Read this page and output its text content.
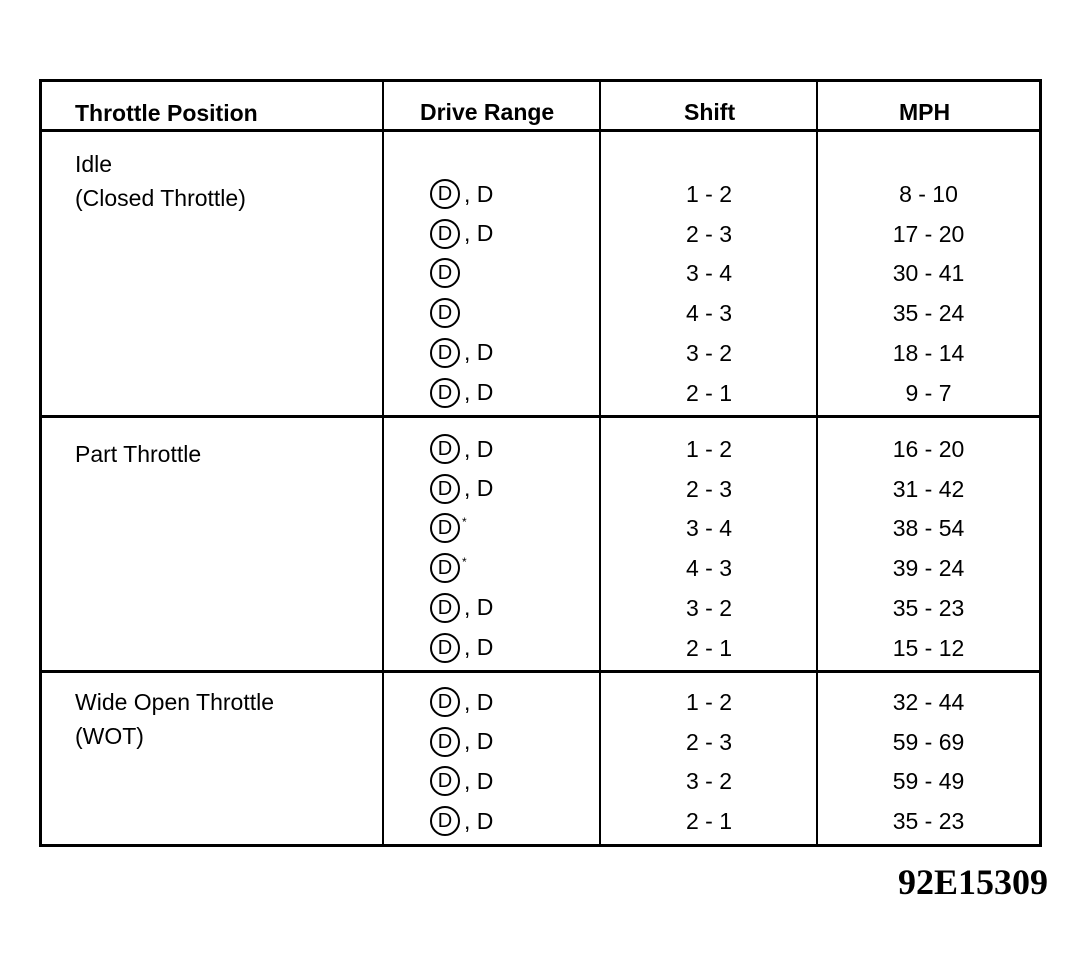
Throttle Position	Drive Range	Shift	MPH
Idle
(Closed Throttle)	D , D	1 - 2	8 - 10
D , D	2 - 3	17 - 20
D	3 - 4	30 - 41
D	4 - 3	35 - 24
D , D	3 - 2	18 - 14
D , D	2 - 1	9 - 7
Part Throttle	D , D	1 - 2	16 - 20
D , D	2 - 3	31 - 42
D *	3 - 4	38 - 54
D *	4 - 3	39 - 24
D , D	3 - 2	35 - 23
D , D	2 - 1	15 - 12
Wide Open Throttle
(WOT)
D , D	1 - 2	32 - 44
D , D	2 - 3	59 - 69
D , D	3 - 2	59 - 49
D , D	2 - 1	35 - 23
92E15309
